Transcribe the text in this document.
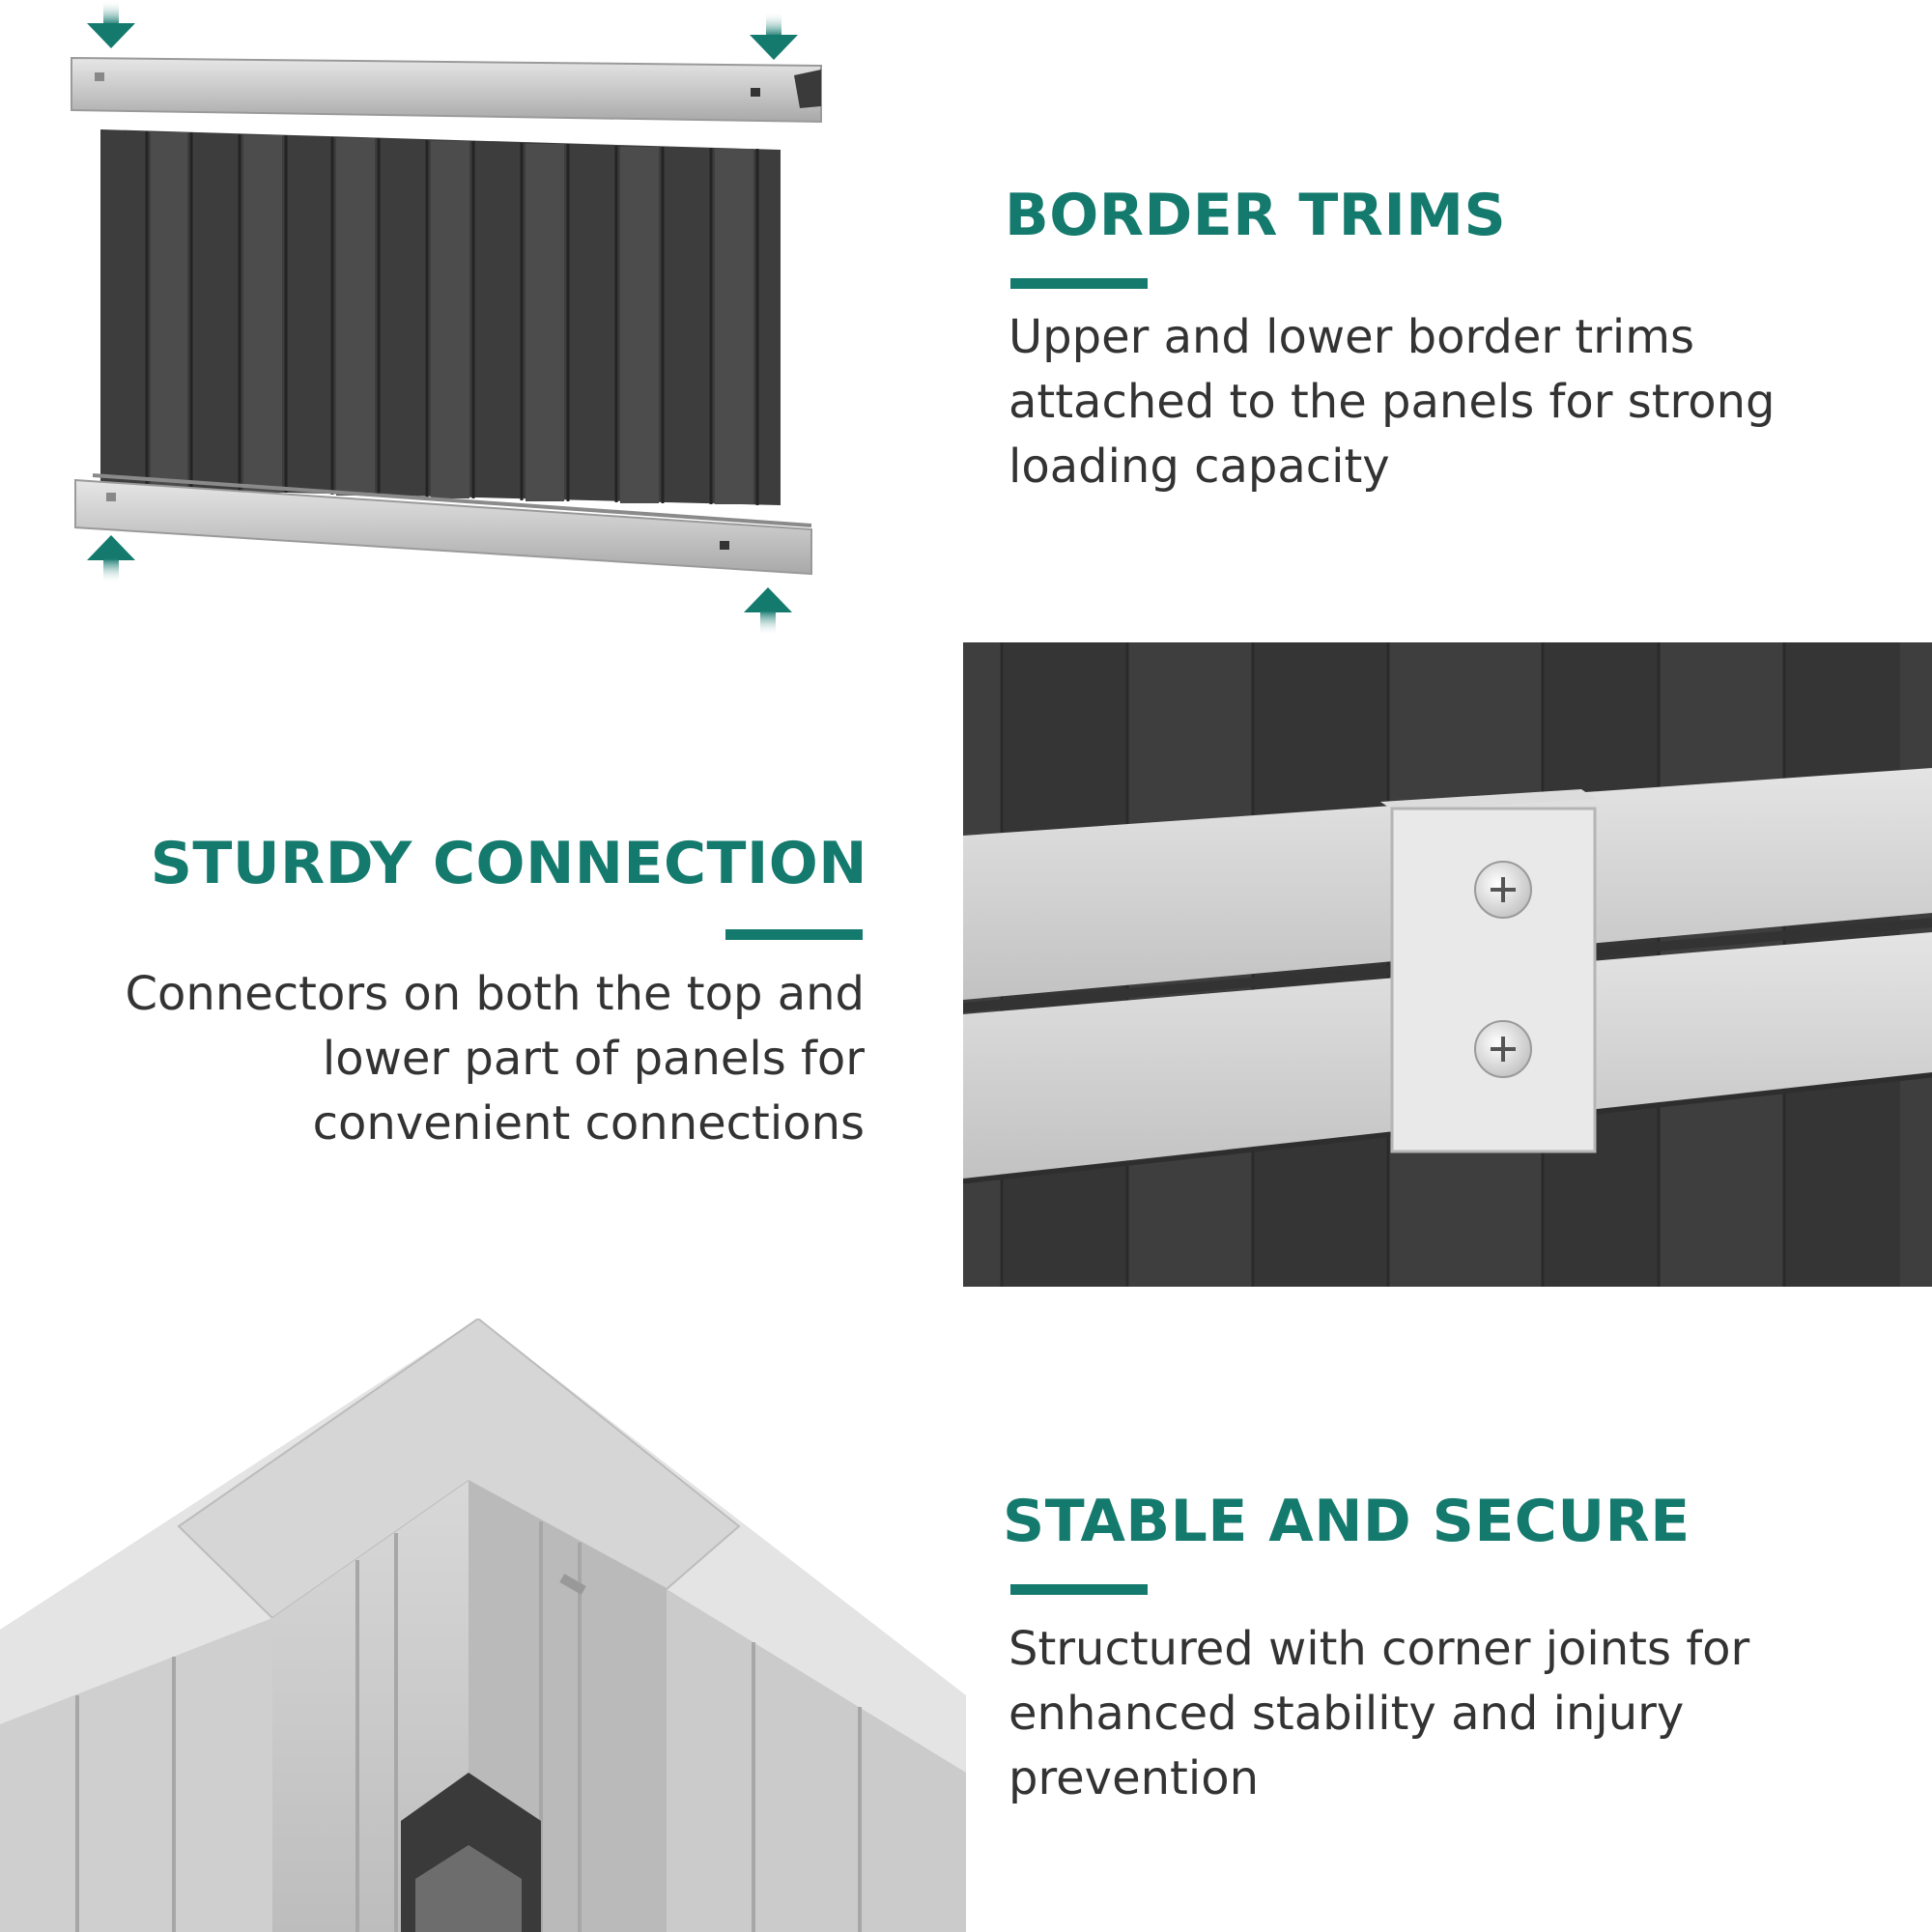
BORDER TRIMS

Upper and lower border trims attached to the panels for strong loading capacity

STURDY CONNECTION

Connectors on both the top and lower part of panels for convenient connections

STABLE AND SECURE

Structured with corner joints for enhanced stability and injury prevention
